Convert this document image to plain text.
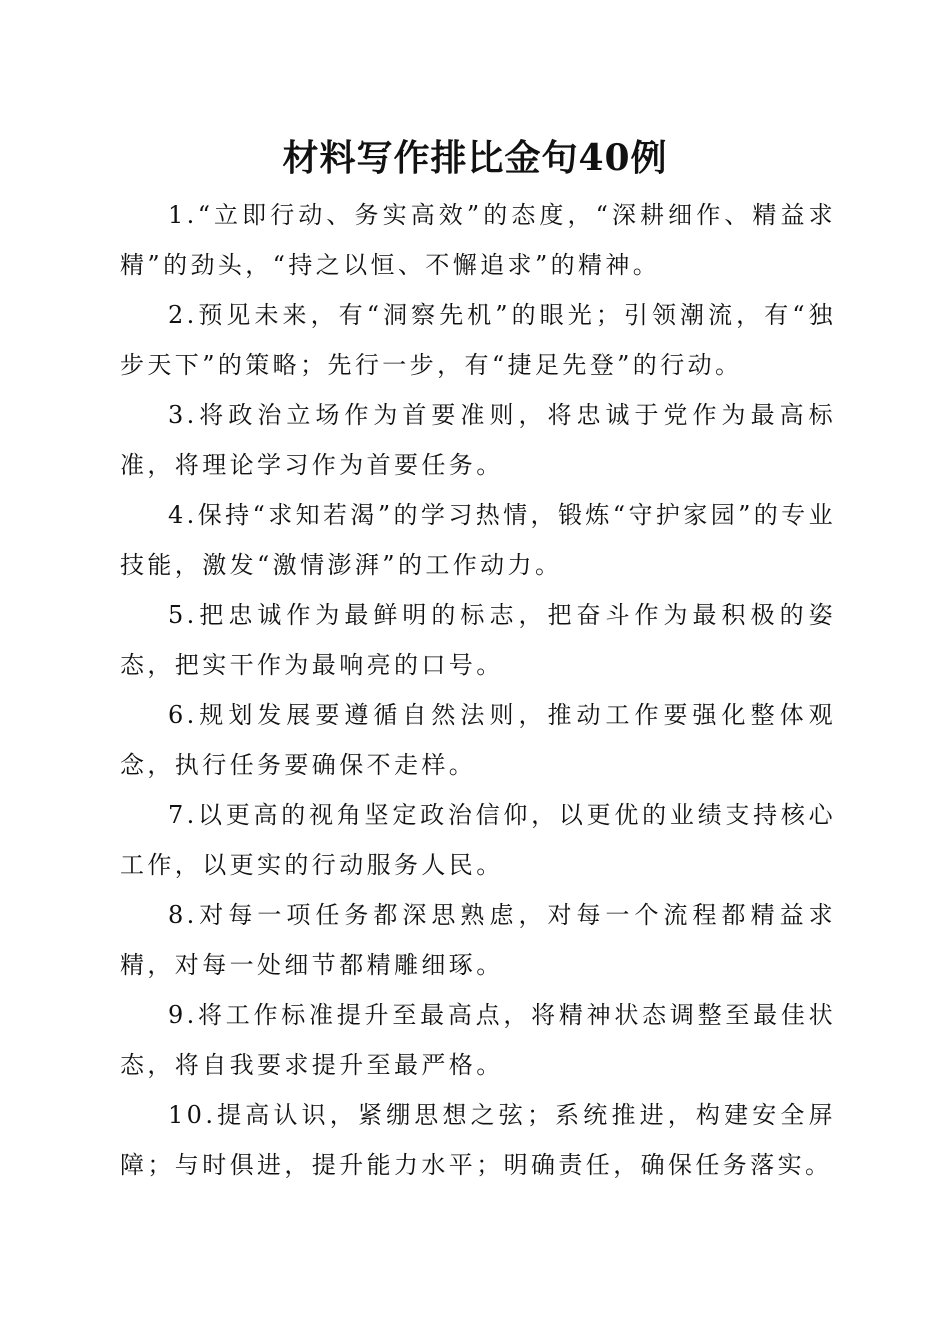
材料写作排比金句40例

1.“立即行动、务实高效”的态度，“深耕细作、精益求精”的劲头，“持之以恒、不懈追求”的精神。

2.预见未来，有“洞察先机”的眼光；引领潮流，有“独步天下”的策略；先行一步，有“捷足先登”的行动。

3.将政治立场作为首要准则，将忠诚于党作为最高标准，将理论学习作为首要任务。

4.保持“求知若渴”的学习热情，锻炼“守护家园”的专业技能，激发“激情澎湃”的工作动力。

5.把忠诚作为最鲜明的标志，把奋斗作为最积极的姿态，把实干作为最响亮的口号。

6.规划发展要遵循自然法则，推动工作要强化整体观念，执行任务要确保不走样。

7.以更高的视角坚定政治信仰，以更优的业绩支持核心工作，以更实的行动服务人民。

8.对每一项任务都深思熟虑，对每一个流程都精益求精，对每一处细节都精雕细琢。

9.将工作标准提升至最高点，将精神状态调整至最佳状态，将自我要求提升至最严格。

10.提高认识，紧绷思想之弦；系统推进，构建安全屏障；与时俱进，提升能力水平；明确责任，确保任务落实。
